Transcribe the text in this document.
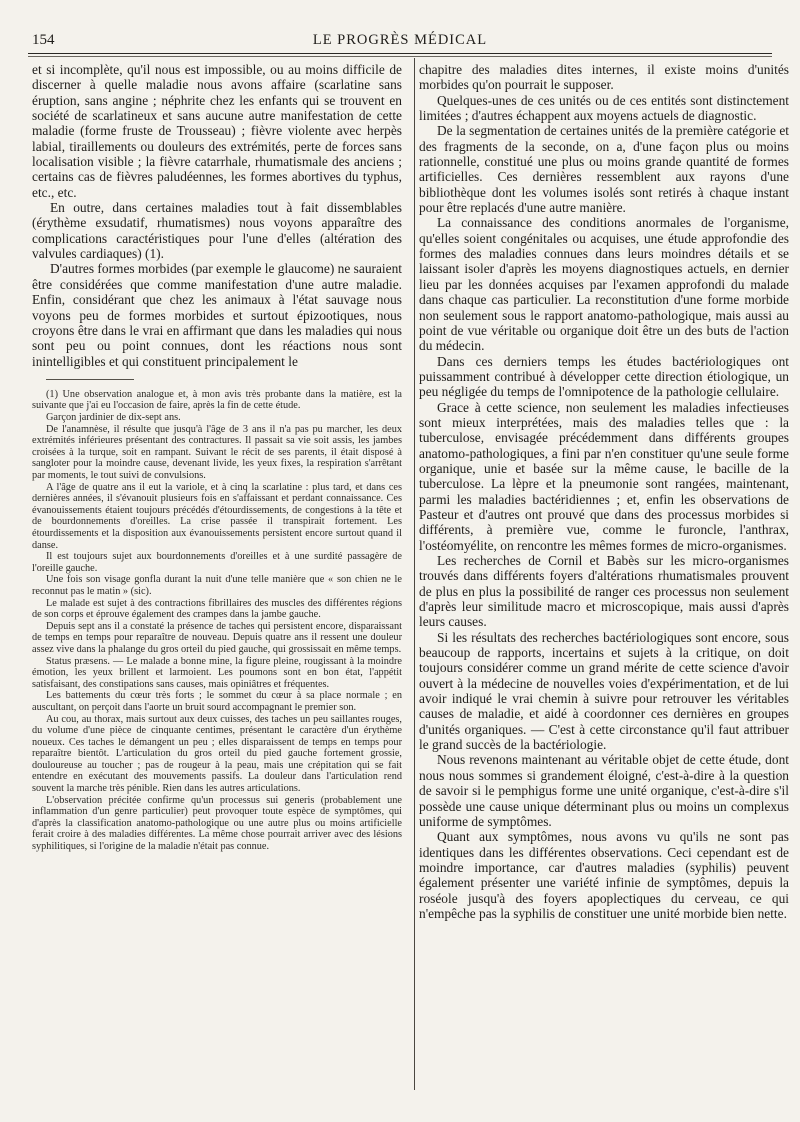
154	LE PROGRÈS MÉDICAL

et si incomplète, qu'il nous est impossible, ou au moins difficile de discerner à quelle maladie nous avons affaire (scarlatine sans éruption, sans angine ; néphrite chez les enfants qui se trouvent en société de scarlatineux et sans aucune autre manifestation de cette maladie (forme fruste de Trousseau) ; fièvre violente avec herpès labial, tiraillements ou douleurs des extrémités, perte de forces sans localisation visible ; la fièvre catarrhale, rhumatismale des anciens ; certains cas de fièvres paludéennes, les formes abortives du typhus, etc., etc.

En outre, dans certaines maladies tout à fait dissemblables (érythème exsudatif, rhumatismes) nous voyons apparaître des complications caractéristiques pour l'une d'elles (altération des valvules cardiaques) (1).

D'autres formes morbides (par exemple le glaucome) ne sauraient être considérées que comme manifestation d'une autre maladie. Enfin, considérant que chez les animaux à l'état sauvage nous voyons peu de formes morbides et surtout épizootiques, nous croyons être dans le vrai en affirmant que dans les maladies qui nous sont peu ou point connues, dont les réactions nous sont inintelligibles et qui constituent principalement le

(1) Une observation analogue et, à mon avis très probante dans la matière, est la suivante que j'ai eu l'occasion de faire, après la fin de cette étude.

Garçon jardinier de dix-sept ans.

De l'anamnèse, il résulte que jusqu'à l'âge de 3 ans il n'a pas pu marcher, les deux extrémités inférieures présentant des contractures. Il passait sa vie soit assis, les jambes croisées à la turque, soit en rampant. Suivant le récit de ses parents, il était disposé à sangloter pour la moindre cause, devenant livide, les yeux fixes, la respiration s'arrêtant par moments, le tout suivi de convulsions.

A l'âge de quatre ans il eut la variole, et à cinq la scarlatine : plus tard, et dans ces dernières années, il s'évanouit plusieurs fois en s'affaissant et perdant connaissance. Ces évanouissements étaient toujours précédés d'étourdissements, de congestions à la tête et de bourdonnements d'oreilles. La crise passée il transpirait fortement. Les étourdissements et la disposition aux évanouissements persistent encore surtout quand il danse.

Il est toujours sujet aux bourdonnements d'oreilles et à une surdité passagère de l'oreille gauche.

Une fois son visage gonfla durant la nuit d'une telle manière que « son chien ne le reconnut pas le matin » (sic).

Le malade est sujet à des contractions fibrillaires des muscles des différentes régions de son corps et éprouve également des crampes dans la jambe gauche.

Depuis sept ans il a constaté la présence de taches qui persistent encore, disparaissant de temps en temps pour reparaître de nouveau. Depuis quatre ans il ressent une douleur assez vive dans la phalange du gros orteil du pied gauche, qui grossissait en même temps.

Status præsens. — Le malade a bonne mine, la figure pleine, rougissant à la moindre émotion, les yeux brillent et larmoient. Les poumons sont en bon état, l'appétit satisfaisant, des constipations sans causes, mais opiniâtres et fréquentes.

Les battements du cœur très forts ; le sommet du cœur à sa place normale ; en auscultant, on perçoit dans l'aorte un bruit sourd accompagnant le premier son.

Au cou, au thorax, mais surtout aux deux cuisses, des taches un peu saillantes rouges, du volume d'une pièce de cinquante centimes, présentant le caractère d'un érythème noueux. Ces taches le démangent un peu ; elles disparaissent de temps en temps pour reparaître bientôt. L'articulation du gros orteil du pied gauche fortement grossie, douloureuse au toucher ; pas de rougeur à la peau, mais une crépitation qui se fait entendre en exécutant des mouvements passifs. La douleur dans l'articulation rend souvent la marche très pénible. Rien dans les autres articulations.

L'observation précitée confirme qu'un processus sui generis (probablement une inflammation d'un genre particulier) peut provoquer toute espèce de symptômes, qui d'après la classification anatomo-pathologique ou une autre plus ou moins artificielle ferait croire à des maladies différentes. La même chose pourrait arriver avec des lésions syphilitiques, si l'origine de la maladie n'était pas connue.

chapitre des maladies dites internes, il existe moins d'unités morbides qu'on pourrait le supposer.

Quelques-unes de ces unités ou de ces entités sont distinctement limitées ; d'autres échappent aux moyens actuels de diagnostic.

De la segmentation de certaines unités de la première catégorie et des fragments de la seconde, on a, d'une façon plus ou moins rationnelle, constitué une plus ou moins grande quantité de formes artificielles. Ces dernières ressemblent aux rayons d'une bibliothèque dont les volumes isolés sont retirés à chaque instant pour être replacés d'une autre manière.

La connaissance des conditions anormales de l'organisme, qu'elles soient congénitales ou acquises, une étude approfondie des formes des maladies connues dans leurs moindres détails et se laissant isoler d'après les moyens diagnostiques actuels, en dernier lieu par les données acquises par l'examen approfondi du malade dans chaque cas particulier. La reconstitution d'une forme morbide non seulement sous le rapport anatomo-pathologique, mais aussi au point de vue véritable ou organique doit être un des buts de l'action du médecin.

Dans ces derniers temps les études bactériologiques ont puissamment contribué à développer cette direction étiologique, un peu négligée du temps de l'omnipotence de la pathologie cellulaire.

Grace à cette science, non seulement les maladies infectieuses sont mieux interprétées, mais des maladies telles que : la tuberculose, envisagée précédemment dans différents groupes anatomo-pathologiques, a fini par n'en constituer qu'une seule forme organique, unie et basée sur la même cause, le bacille de la tuberculose. La lèpre et la pneumonie sont rangées, maintenant, parmi les maladies bactéridiennes ; et, enfin les observations de Pasteur et d'autres ont prouvé que dans des processus morbides si différents, à première vue, comme le furoncle, l'anthrax, l'ostéomyélite, on rencontre les mêmes formes de micro-organismes.

Les recherches de Cornil et Babès sur les micro-organismes trouvés dans différents foyers d'altérations rhumatismales prouvent de plus en plus la possibilité de ranger ces processus non seulement d'après leur similitude macro et microscopique, mais aussi d'après leurs causes.

Si les résultats des recherches bactériologiques sont encore, sous beaucoup de rapports, incertains et sujets à la critique, on doit toujours considérer comme un grand mérite de cette science d'avoir ouvert à la médecine de nouvelles voies d'expérimentation, et de lui avoir indiqué le vrai chemin à suivre pour retrouver les véritables causes de maladie, et aidé à coordonner ces dernières en groupes d'unités organiques. — C'est à cette circonstance qu'il faut attribuer le grand succès de la bactériologie.

Nous revenons maintenant au véritable objet de cette étude, dont nous nous sommes si grandement éloigné, c'est-à-dire à la question de savoir si le pemphigus forme une unité organique, c'est-à-dire s'il possède une cause unique déterminant plus ou moins un complexus uniforme de symptômes.

Quant aux symptômes, nous avons vu qu'ils ne sont pas identiques dans les différentes observations. Ceci cependant est de moindre importance, car d'autres maladies (syphilis) peuvent également présenter une variété infinie de symptômes, depuis la roséole jusqu'à des foyers apoplectiques du cerveau, ce qui n'empêche pas la syphilis de constituer une unité morbide bien nette.
